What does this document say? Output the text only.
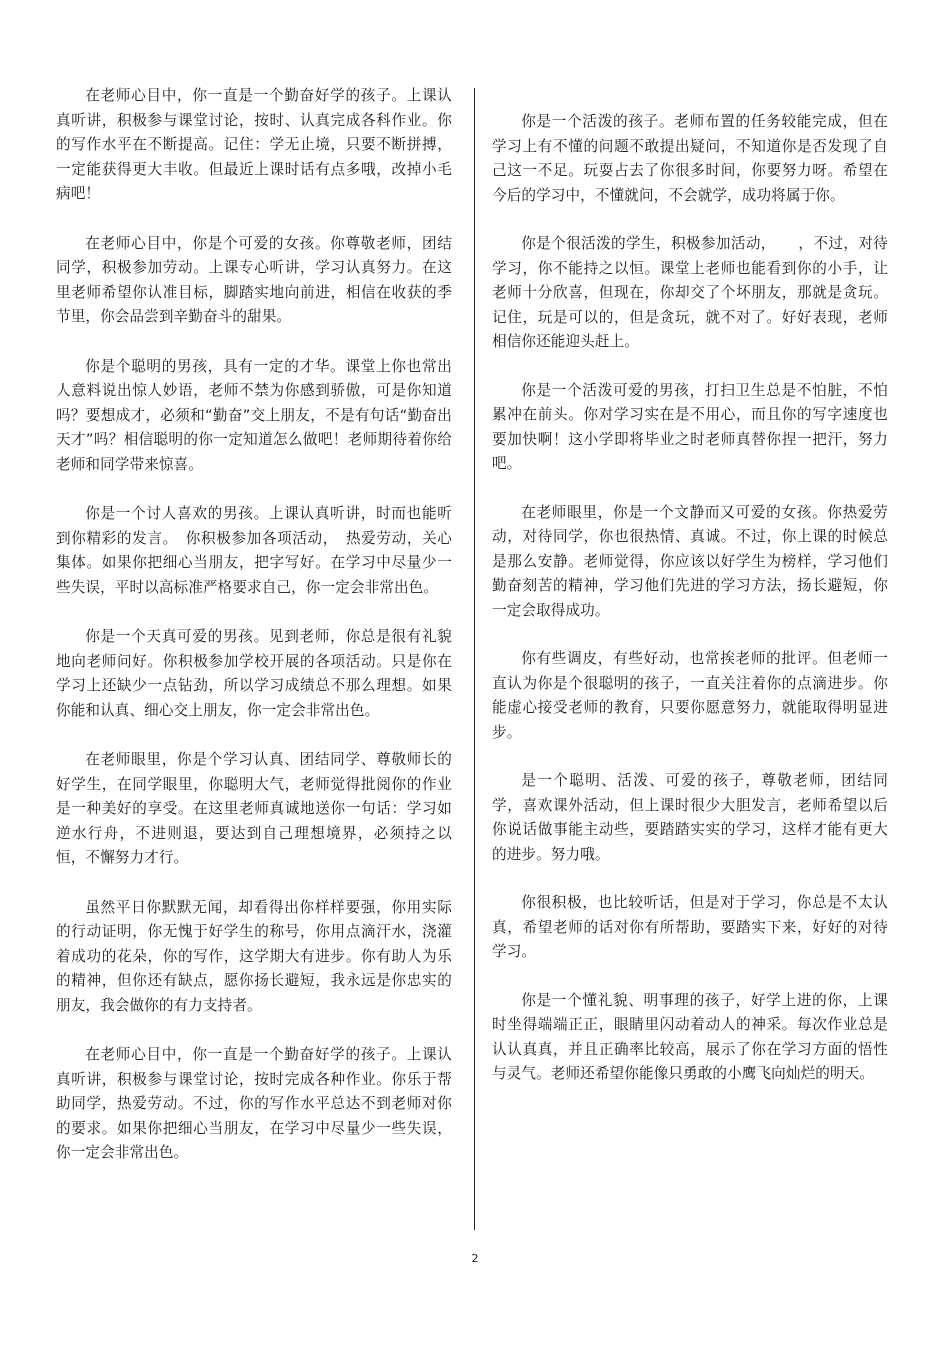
在老师心目中，你一直是一个勤奋好学的孩子。上课认真听讲，积极参与课堂讨论，按时、认真完成各科作业。你的写作水平在不断提高。记住：学无止境，只要不断拼搏，一定能获得更大丰收。但最近上课时话有点多哦，改掉小毛病吧！

在老师心目中，你是个可爱的女孩。你尊敬老师，团结同学，积极参加劳动。上课专心听讲，学习认真努力。在这里老师希望你认准目标，脚踏实地向前进，相信在收获的季节里，你会品尝到辛勤奋斗的甜果。

你是个聪明的男孩，具有一定的才华。课堂上你也常出人意料说出惊人妙语，老师不禁为你感到骄傲，可是你知道吗？要想成才，必须和“勤奋”交上朋友，不是有句话“勤奋出天才”吗？相信聪明的你一定知道怎么做吧！老师期待着你给老师和同学带来惊喜。

你是一个讨人喜欢的男孩。上课认真听讲，时而也能听到你精彩的发言。　你积极参加各项活动，　热爱劳动，关心集体。如果你把细心当朋友，把字写好。在学习中尽量少一些失误，平时以高标准严格要求自己，你一定会非常出色。

你是一个天真可爱的男孩。见到老师，你总是很有礼貌地向老师问好。你积极参加学校开展的各项活动。只是你在学习上还缺少一点钻劲，所以学习成绩总不那么理想。如果你能和认真、细心交上朋友，你一定会非常出色。

在老师眼里，你是个学习认真、团结同学、尊敬师长的好学生，在同学眼里，你聪明大气，老师觉得批阅你的作业是一种美好的享受。在这里老师真诚地送你一句话：学习如逆水行舟，不进则退，要达到自己理想境界，必须持之以恒，不懈努力才行。

虽然平日你默默无闻，却看得出你样样要强，你用实际的行动证明，你无愧于好学生的称号，你用点滴汗水，浇灌着成功的花朵，你的写作，这学期大有进步。你有助人为乐的精神，但你还有缺点，愿你扬长避短，我永远是你忠实的朋友，我会做你的有力支持者。

在老师心目中，你一直是一个勤奋好学的孩子。上课认真听讲，积极参与课堂讨论，按时完成各种作业。你乐于帮助同学，热爱劳动。不过，你的写作水平总达不到老师对你的要求。如果你把细心当朋友，在学习中尽量少一些失误，你一定会非常出色。

你是一个活泼的孩子。老师布置的任务较能完成，但在学习上有不懂的问题不敢提出疑问，不知道你是否发现了自己这一不足。玩耍占去了你很多时间，你要努力呀。希望在今后的学习中，不懂就问，不会就学，成功将属于你。

你是个很活泼的学生，积极参加活动，　　，不过，对待学习，你不能持之以恒。课堂上老师也能看到你的小手，让老师十分欣喜，但现在，你却交了个坏朋友，那就是贪玩。记住，玩是可以的，但是贪玩，就不对了。好好表现，老师相信你还能迎头赶上。

你是一个活泼可爱的男孩，打扫卫生总是不怕脏，不怕累冲在前头。你对学习实在是不用心，而且你的写字速度也要加快啊！这小学即将毕业之时老师真替你捏一把汗，努力吧。

在老师眼里，你是一个文静而又可爱的女孩。你热爱劳动，对待同学，你也很热情、真诚。不过，你上课的时候总是那么安静。老师觉得，你应该以好学生为榜样，学习他们勤奋刻苦的精神，学习他们先进的学习方法，扬长避短，你一定会取得成功。

你有些调皮，有些好动，也常挨老师的批评。但老师一直认为你是个很聪明的孩子，一直关注着你的点滴进步。你能虚心接受老师的教育，只要你愿意努力，就能取得明显进步。

是一个聪明、活泼、可爱的孩子，尊敬老师，团结同学，喜欢课外活动，但上课时很少大胆发言，老师希望以后你说话做事能主动些，要踏踏实实的学习，这样才能有更大的进步。努力哦。

你很积极，也比较听话，但是对于学习，你总是不太认真，希望老师的话对你有所帮助，要踏实下来，好好的对待学习。

你是一个懂礼貌、明事理的孩子，好学上进的你，上课时坐得端端正正，眼睛里闪动着动人的神采。每次作业总是认认真真，并且正确率比较高，展示了你在学习方面的悟性与灵气。老师还希望你能像只勇敢的小鹰飞向灿烂的明天。

2
